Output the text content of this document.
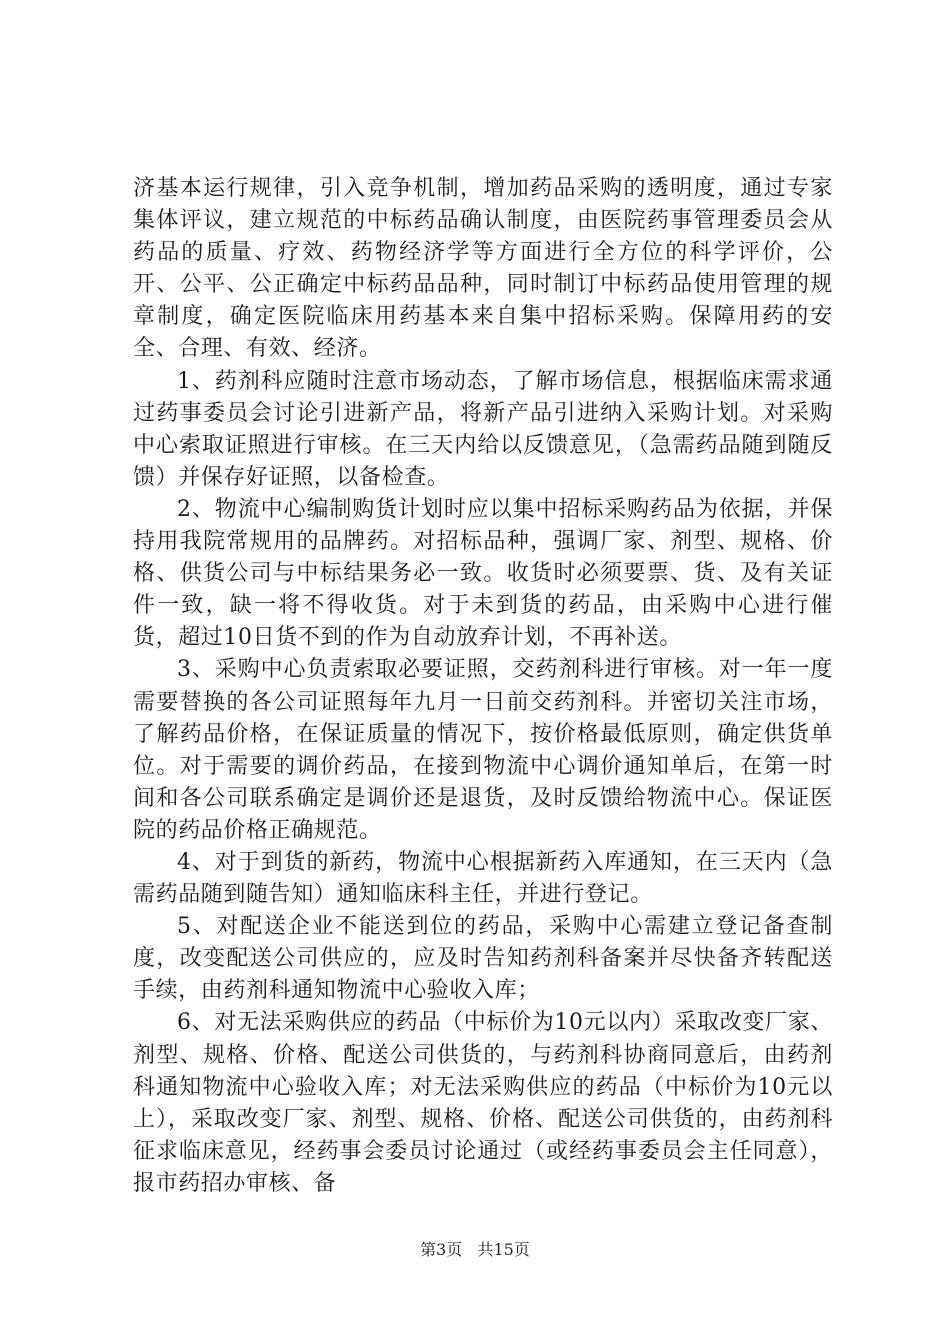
济基本运行规律，引入竞争机制，增加药品采购的透明度，通过专家集体评议，建立规范的中标药品确认制度，由医院药事管理委员会从药品的质量、疗效、药物经济学等方面进行全方位的科学评价，公开、公平、公正确定中标药品品种，同时制订中标药品使用管理的规章制度，确定医院临床用药基本来自集中招标采购。保障用药的安全、合理、有效、经济。

1、药剂科应随时注意市场动态，了解市场信息，根据临床需求通过药事委员会讨论引进新产品，将新产品引进纳入采购计划。对采购中心索取证照进行审核。在三天内给以反馈意见，（急需药品随到随反馈）并保存好证照，以备检查。

2、物流中心编制购货计划时应以集中招标采购药品为依据，并保持用我院常规用的品牌药。对招标品种，强调厂家、剂型、规格、价格、供货公司与中标结果务必一致。收货时必须要票、货、及有关证件一致，缺一将不得收货。对于未到货的药品，由采购中心进行催货，超过10日货不到的作为自动放弃计划，不再补送。

3、采购中心负责索取必要证照，交药剂科进行审核。对一年一度需要替换的各公司证照每年九月一日前交药剂科。并密切关注市场，了解药品价格，在保证质量的情况下，按价格最低原则，确定供货单位。对于需要的调价药品，在接到物流中心调价通知单后，在第一时间和各公司联系确定是调价还是退货，及时反馈给物流中心。保证医院的药品价格正确规范。

4、对于到货的新药，物流中心根据新药入库通知，在三天内（急需药品随到随告知）通知临床科主任，并进行登记。

5、对配送企业不能送到位的药品，采购中心需建立登记备查制度，改变配送公司供应的，应及时告知药剂科备案并尽快备齐转配送手续，由药剂科通知物流中心验收入库；

6、对无法采购供应的药品（中标价为10元以内）采取改变厂家、剂型、规格、价格、配送公司供货的，与药剂科协商同意后，由药剂科通知物流中心验收入库；对无法采购供应的药品（中标价为10元以上），采取改变厂家、剂型、规格、价格、配送公司供货的，由药剂科征求临床意见，经药事会委员讨论通过（或经药事委员会主任同意），报市药招办审核、备

第3页 共15页
